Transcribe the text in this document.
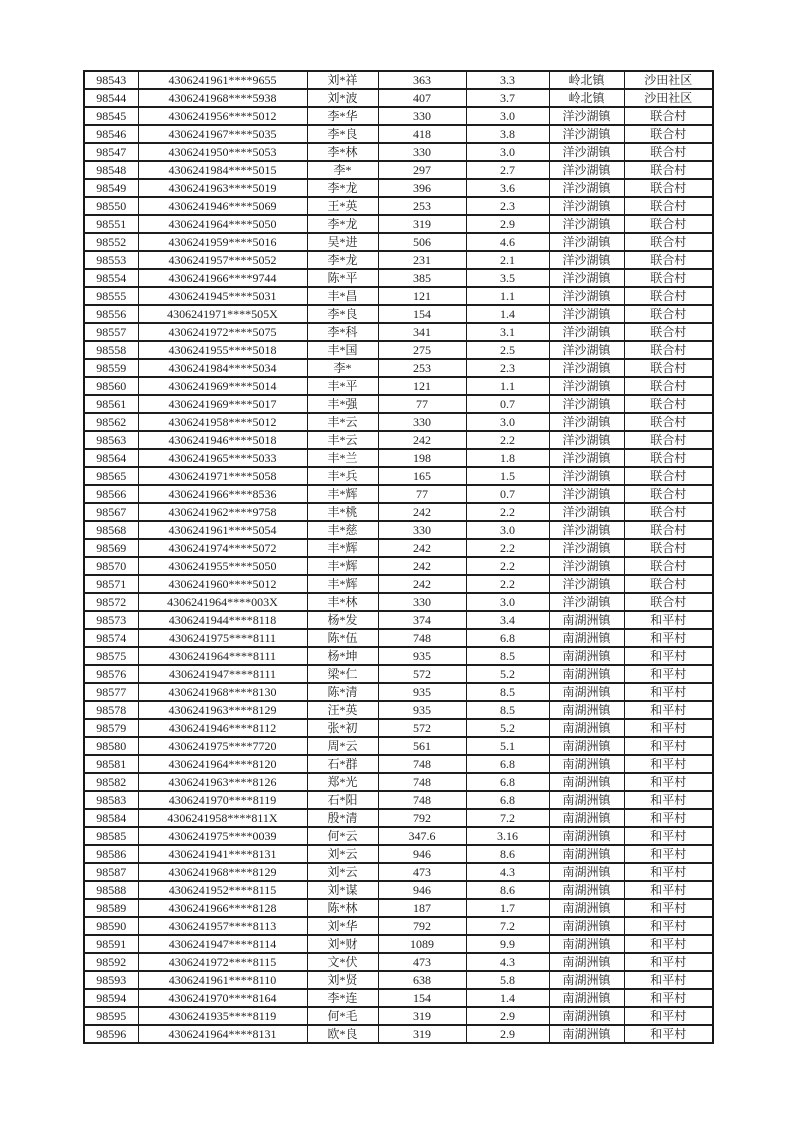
98543	4306241961****9655	刘*祥	363	3.3	岭北镇	沙田社区
98544	4306241968****5938	刘*波	407	3.7	岭北镇	沙田社区
98545	4306241956****5012	李*华	330	3.0	洋沙湖镇	联合村
98546	4306241967****5035	李*良	418	3.8	洋沙湖镇	联合村
98547	4306241950****5053	李*林	330	3.0	洋沙湖镇	联合村
98548	4306241984****5015	李*	297	2.7	洋沙湖镇	联合村
98549	4306241963****5019	李*龙	396	3.6	洋沙湖镇	联合村
98550	4306241946****5069	王*英	253	2.3	洋沙湖镇	联合村
98551	4306241964****5050	李*龙	319	2.9	洋沙湖镇	联合村
98552	4306241959****5016	吴*进	506	4.6	洋沙湖镇	联合村
98553	4306241957****5052	李*龙	231	2.1	洋沙湖镇	联合村
98554	4306241966****9744	陈*平	385	3.5	洋沙湖镇	联合村
98555	4306241945****5031	丰*昌	121	1.1	洋沙湖镇	联合村
98556	4306241971****505X	李*良	154	1.4	洋沙湖镇	联合村
98557	4306241972****5075	李*科	341	3.1	洋沙湖镇	联合村
98558	4306241955****5018	丰*国	275	2.5	洋沙湖镇	联合村
98559	4306241984****5034	李*	253	2.3	洋沙湖镇	联合村
98560	4306241969****5014	丰*平	121	1.1	洋沙湖镇	联合村
98561	4306241969****5017	丰*强	77	0.7	洋沙湖镇	联合村
98562	4306241958****5012	丰*云	330	3.0	洋沙湖镇	联合村
98563	4306241946****5018	丰*云	242	2.2	洋沙湖镇	联合村
98564	4306241965****5033	丰*兰	198	1.8	洋沙湖镇	联合村
98565	4306241971****5058	丰*兵	165	1.5	洋沙湖镇	联合村
98566	4306241966****8536	丰*辉	77	0.7	洋沙湖镇	联合村
98567	4306241962****9758	丰*桃	242	2.2	洋沙湖镇	联合村
98568	4306241961****5054	丰*慈	330	3.0	洋沙湖镇	联合村
98569	4306241974****5072	丰*辉	242	2.2	洋沙湖镇	联合村
98570	4306241955****5050	丰*辉	242	2.2	洋沙湖镇	联合村
98571	4306241960****5012	丰*辉	242	2.2	洋沙湖镇	联合村
98572	4306241964****003X	丰*林	330	3.0	洋沙湖镇	联合村
98573	4306241944****8118	杨*发	374	3.4	南湖洲镇	和平村
98574	4306241975****8111	陈*伍	748	6.8	南湖洲镇	和平村
98575	4306241964****8111	杨*坤	935	8.5	南湖洲镇	和平村
98576	4306241947****8111	梁*仁	572	5.2	南湖洲镇	和平村
98577	4306241968****8130	陈*清	935	8.5	南湖洲镇	和平村
98578	4306241963****8129	汪*英	935	8.5	南湖洲镇	和平村
98579	4306241946****8112	张*初	572	5.2	南湖洲镇	和平村
98580	4306241975****7720	周*云	561	5.1	南湖洲镇	和平村
98581	4306241964****8120	石*群	748	6.8	南湖洲镇	和平村
98582	4306241963****8126	郑*光	748	6.8	南湖洲镇	和平村
98583	4306241970****8119	石*阳	748	6.8	南湖洲镇	和平村
98584	4306241958****811X	殷*清	792	7.2	南湖洲镇	和平村
98585	4306241975****0039	何*云	347.6	3.16	南湖洲镇	和平村
98586	4306241941****8131	刘*云	946	8.6	南湖洲镇	和平村
98587	4306241968****8129	刘*云	473	4.3	南湖洲镇	和平村
98588	4306241952****8115	刘*谋	946	8.6	南湖洲镇	和平村
98589	4306241966****8128	陈*林	187	1.7	南湖洲镇	和平村
98590	4306241957****8113	刘*华	792	7.2	南湖洲镇	和平村
98591	4306241947****8114	刘*财	1089	9.9	南湖洲镇	和平村
98592	4306241972****8115	文*伏	473	4.3	南湖洲镇	和平村
98593	4306241961****8110	刘*贤	638	5.8	南湖洲镇	和平村
98594	4306241970****8164	李*连	154	1.4	南湖洲镇	和平村
98595	4306241935****8119	何*毛	319	2.9	南湖洲镇	和平村
98596	4306241964****8131	欧*良	319	2.9	南湖洲镇	和平村
